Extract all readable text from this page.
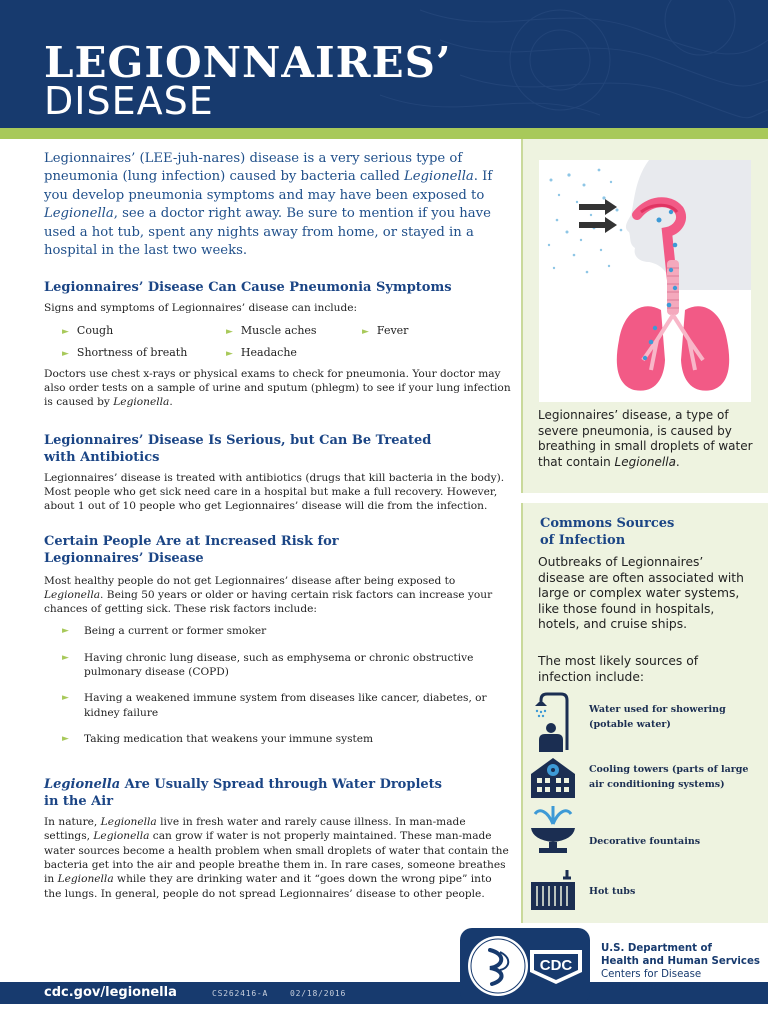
LEGIONNAIRES’
DISEASE

Legionnaires’ (LEE-juh-nares) disease is a very serious type of pneumonia (lung infection) caused by bacteria called Legionella. If you develop pneumonia symptoms and may have been exposed to Legionella, see a doctor right away. Be sure to mention if you have used a hot tub, spent any nights away from home, or stayed in a hospital in the last two weeks.

Legionnaires’ Disease Can Cause Pneumonia Symptoms

Signs and symptoms of Legionnaires’ disease can include:

► Cough	► Muscle aches	► Fever
► Shortness of breath	► Headache

Doctors use chest x-rays or physical exams to check for pneumonia. Your doctor may also order tests on a sample of urine and sputum (phlegm) to see if your lung infection is caused by Legionella.

Legionnaires’ Disease Is Serious, but Can Be Treated
with Antibiotics

Legionnaires’ disease is treated with antibiotics (drugs that kill bacteria in the body). Most people who get sick need care in a hospital but make a full recovery. However, about 1 out of 10 people who get Legionnaires’ disease will die from the infection.

Certain People Are at Increased Risk for
Legionnaires’ Disease

Most healthy people do not get Legionnaires’ disease after being exposed to Legionella. Being 50 years or older or having certain risk factors can increase your chances of getting sick. These risk factors include:

► Being a current or former smoker
► Having chronic lung disease, such as emphysema or chronic obstructive pulmonary disease (COPD)
► Having a weakened immune system from diseases like cancer, diabetes, or kidney failure
► Taking medication that weakens your immune system
Legionella Are Usually Spread through Water Droplets
in the Air

In nature, Legionella live in fresh water and rarely cause illness. In man-made settings, Legionella can grow if water is not properly maintained. These man-made water sources become a health problem when small droplets of water that contain the bacteria get into the air and people breathe them in. In rare cases, someone breathes in Legionella while they are drinking water and it “goes down the wrong pipe” into the lungs. In general, people do not spread Legionnaires’ disease to other people.

Legionnaires’ disease, a type of severe pneumonia, is caused by breathing in small droplets of water that contain Legionella.
Commons Sources
of Infection

Outbreaks of Legionnaires’ disease are often associated with large or complex water systems, like those found in hospitals, hotels, and cruise ships.

The most likely sources of infection include:

Water used for showering (potable water)
Cooling towers (parts of large air conditioning systems)
Decorative fountains
Hot tubs
cdc.gov/legionella	CS262416-A	02/18/2016
CDC
U.S. Department of
Health and Human Services
Centers for Disease
Control and Prevention
